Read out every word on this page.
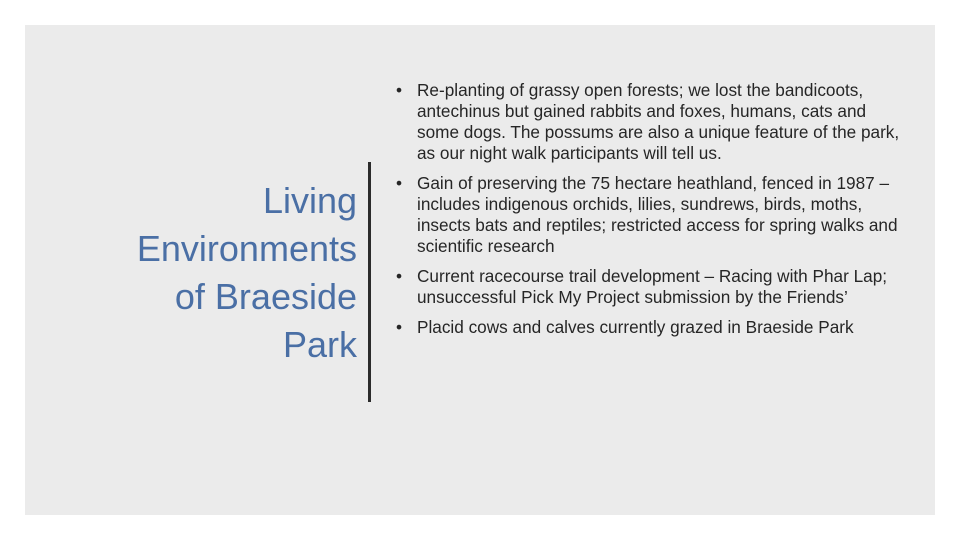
Living
Environments
of Braeside
Park
• Re-planting of grassy open forests; we lost the bandicoots, antechinus but gained rabbits and foxes, humans, cats and some dogs. The possums are also a unique feature of the park, as our night walk participants will tell us.
• Gain of preserving the 75 hectare heathland, fenced in 1987 – includes indigenous orchids, lilies, sundrews, birds, moths, insects bats and reptiles; restricted access for spring walks and scientific research
• Current racecourse trail development – Racing with Phar Lap; unsuccessful Pick My Project submission by the Friends’
• Placid cows and calves currently grazed in Braeside Park
